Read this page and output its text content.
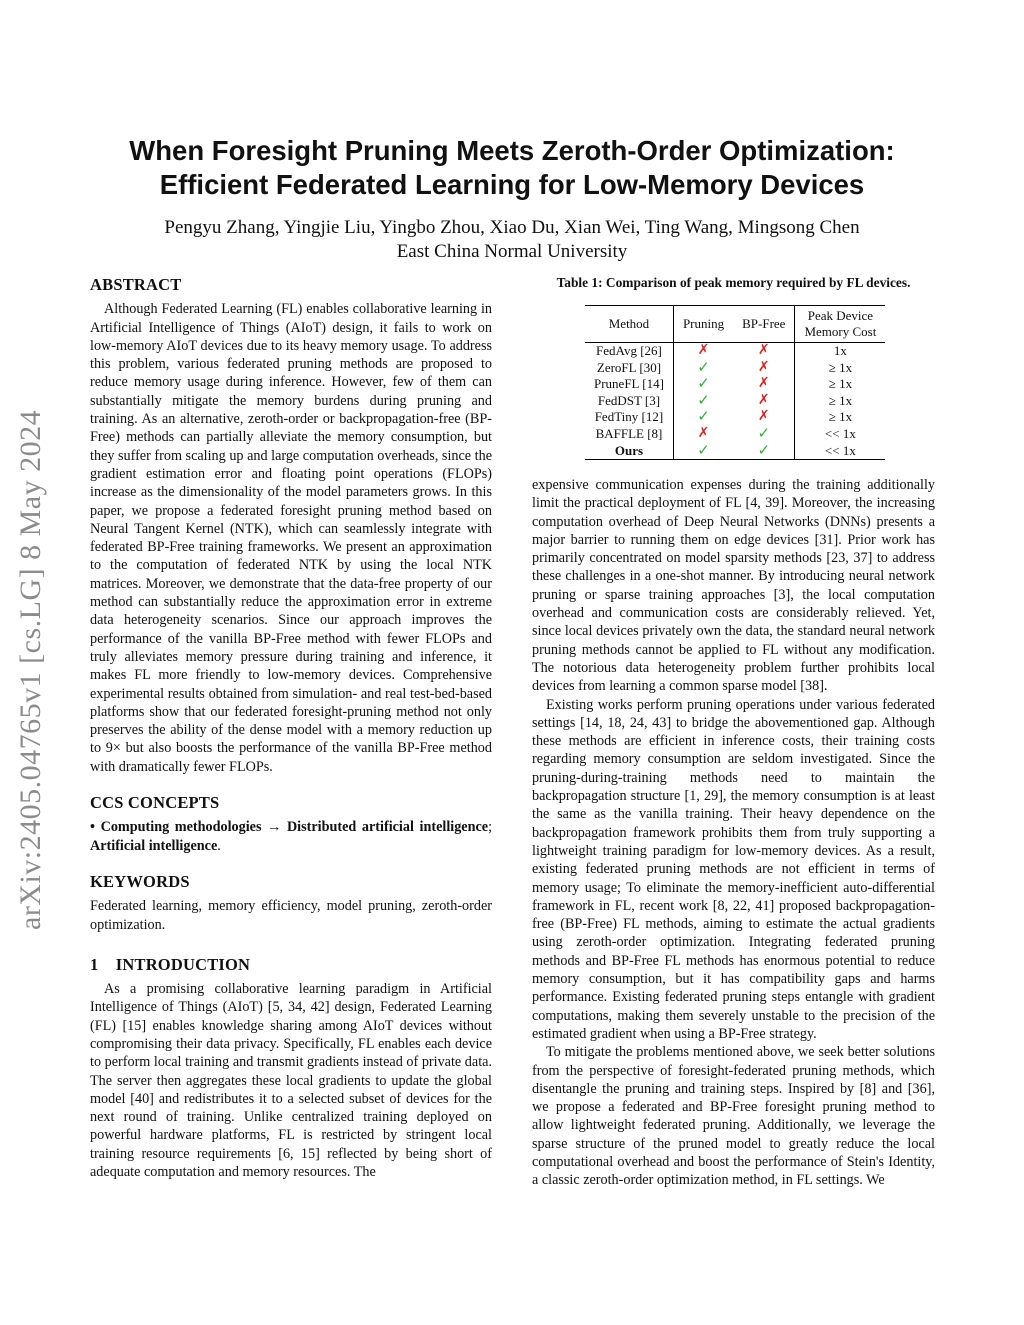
arXiv:2405.04765v1 [cs.LG] 8 May 2024
When Foresight Pruning Meets Zeroth-Order Optimization:
Efficient Federated Learning for Low-Memory Devices
Pengyu Zhang, Yingjie Liu, Yingbo Zhou, Xiao Du, Xian Wei, Ting Wang, Mingsong Chen
East China Normal University
ABSTRACT

Although Federated Learning (FL) enables collaborative learning in Artificial Intelligence of Things (AIoT) design, it fails to work on low-memory AIoT devices due to its heavy memory usage. To address this problem, various federated pruning methods are proposed to reduce memory usage during inference. However, few of them can substantially mitigate the memory burdens during pruning and training. As an alternative, zeroth-order or backpropagation-free (BP-Free) methods can partially alleviate the memory consumption, but they suffer from scaling up and large computation overheads, since the gradient estimation error and floating point operations (FLOPs) increase as the dimensionality of the model parameters grows. In this paper, we propose a federated foresight pruning method based on Neural Tangent Kernel (NTK), which can seamlessly integrate with federated BP-Free training frameworks. We present an approximation to the computation of federated NTK by using the local NTK matrices. Moreover, we demonstrate that the data-free property of our method can substantially reduce the approximation error in extreme data heterogeneity scenarios. Since our approach improves the performance of the vanilla BP-Free method with fewer FLOPs and truly alleviates memory pressure during training and inference, it makes FL more friendly to low-memory devices. Comprehensive experimental results obtained from simulation- and real test-bed-based platforms show that our federated foresight-pruning method not only preserves the ability of the dense model with a memory reduction up to 9× but also boosts the performance of the vanilla BP-Free method with dramatically fewer FLOPs.

CCS CONCEPTS

• Computing methodologies → Distributed artificial intelligence; Artificial intelligence.

KEYWORDS

Federated learning, memory efficiency, model pruning, zeroth-order optimization.

1    INTRODUCTION

As a promising collaborative learning paradigm in Artificial Intelligence of Things (AIoT) [5, 34, 42] design, Federated Learning (FL) [15] enables knowledge sharing among AIoT devices without compromising their data privacy. Specifically, FL enables each device to perform local training and transmit gradients instead of private data. The server then aggregates these local gradients to update the global model [40] and redistributes it to a selected subset of devices for the next round of training. Unlike centralized training deployed on powerful hardware platforms, FL is restricted by stringent local training resource requirements [6, 15] reflected by being short of adequate computation and memory resources. The

Table 1: Comparison of peak memory required by FL devices.
Method	Pruning	BP-Free	Peak Device
Memory Cost

FedAvg [26]	✗	✗	1x
ZeroFL [30]	✓	✗	≥ 1x
PruneFL [14]	✓	✗	≥ 1x
FedDST [3]	✓	✗	≥ 1x
FedTiny [12]	✓	✗	≥ 1x
BAFFLE [8]	✗	✓	<< 1x
Ours	✓	✓	<< 1x

expensive communication expenses during the training additionally limit the practical deployment of FL [4, 39]. Moreover, the increasing computation overhead of Deep Neural Networks (DNNs) presents a major barrier to running them on edge devices [31]. Prior work has primarily concentrated on model sparsity methods [23, 37] to address these challenges in a one-shot manner. By introducing neural network pruning or sparse training approaches [3], the local computation overhead and communication costs are considerably relieved. Yet, since local devices privately own the data, the standard neural network pruning methods cannot be applied to FL without any modification. The notorious data heterogeneity problem further prohibits local devices from learning a common sparse model [38].

Existing works perform pruning operations under various federated settings [14, 18, 24, 43] to bridge the abovementioned gap. Although these methods are efficient in inference costs, their training costs regarding memory consumption are seldom investigated. Since the pruning-during-training methods need to maintain the backpropagation structure [1, 29], the memory consumption is at least the same as the vanilla training. Their heavy dependence on the backpropagation framework prohibits them from truly supporting a lightweight training paradigm for low-memory devices. As a result, existing federated pruning methods are not efficient in terms of memory usage; To eliminate the memory-inefficient auto-differential framework in FL, recent work [8, 22, 41] proposed backpropagation-free (BP-Free) FL methods, aiming to estimate the actual gradients using zeroth-order optimization. Integrating federated pruning methods and BP-Free FL methods has enormous potential to reduce memory consumption, but it has compatibility gaps and harms performance. Existing federated pruning steps entangle with gradient computations, making them severely unstable to the precision of the estimated gradient when using a BP-Free strategy.

To mitigate the problems mentioned above, we seek better solutions from the perspective of foresight-federated pruning methods, which disentangle the pruning and training steps. Inspired by [8] and [36], we propose a federated and BP-Free foresight pruning method to allow lightweight federated pruning. Additionally, we leverage the sparse structure of the pruned model to greatly reduce the local computational overhead and boost the performance of Stein's Identity, a classic zeroth-order optimization method, in FL settings. We
